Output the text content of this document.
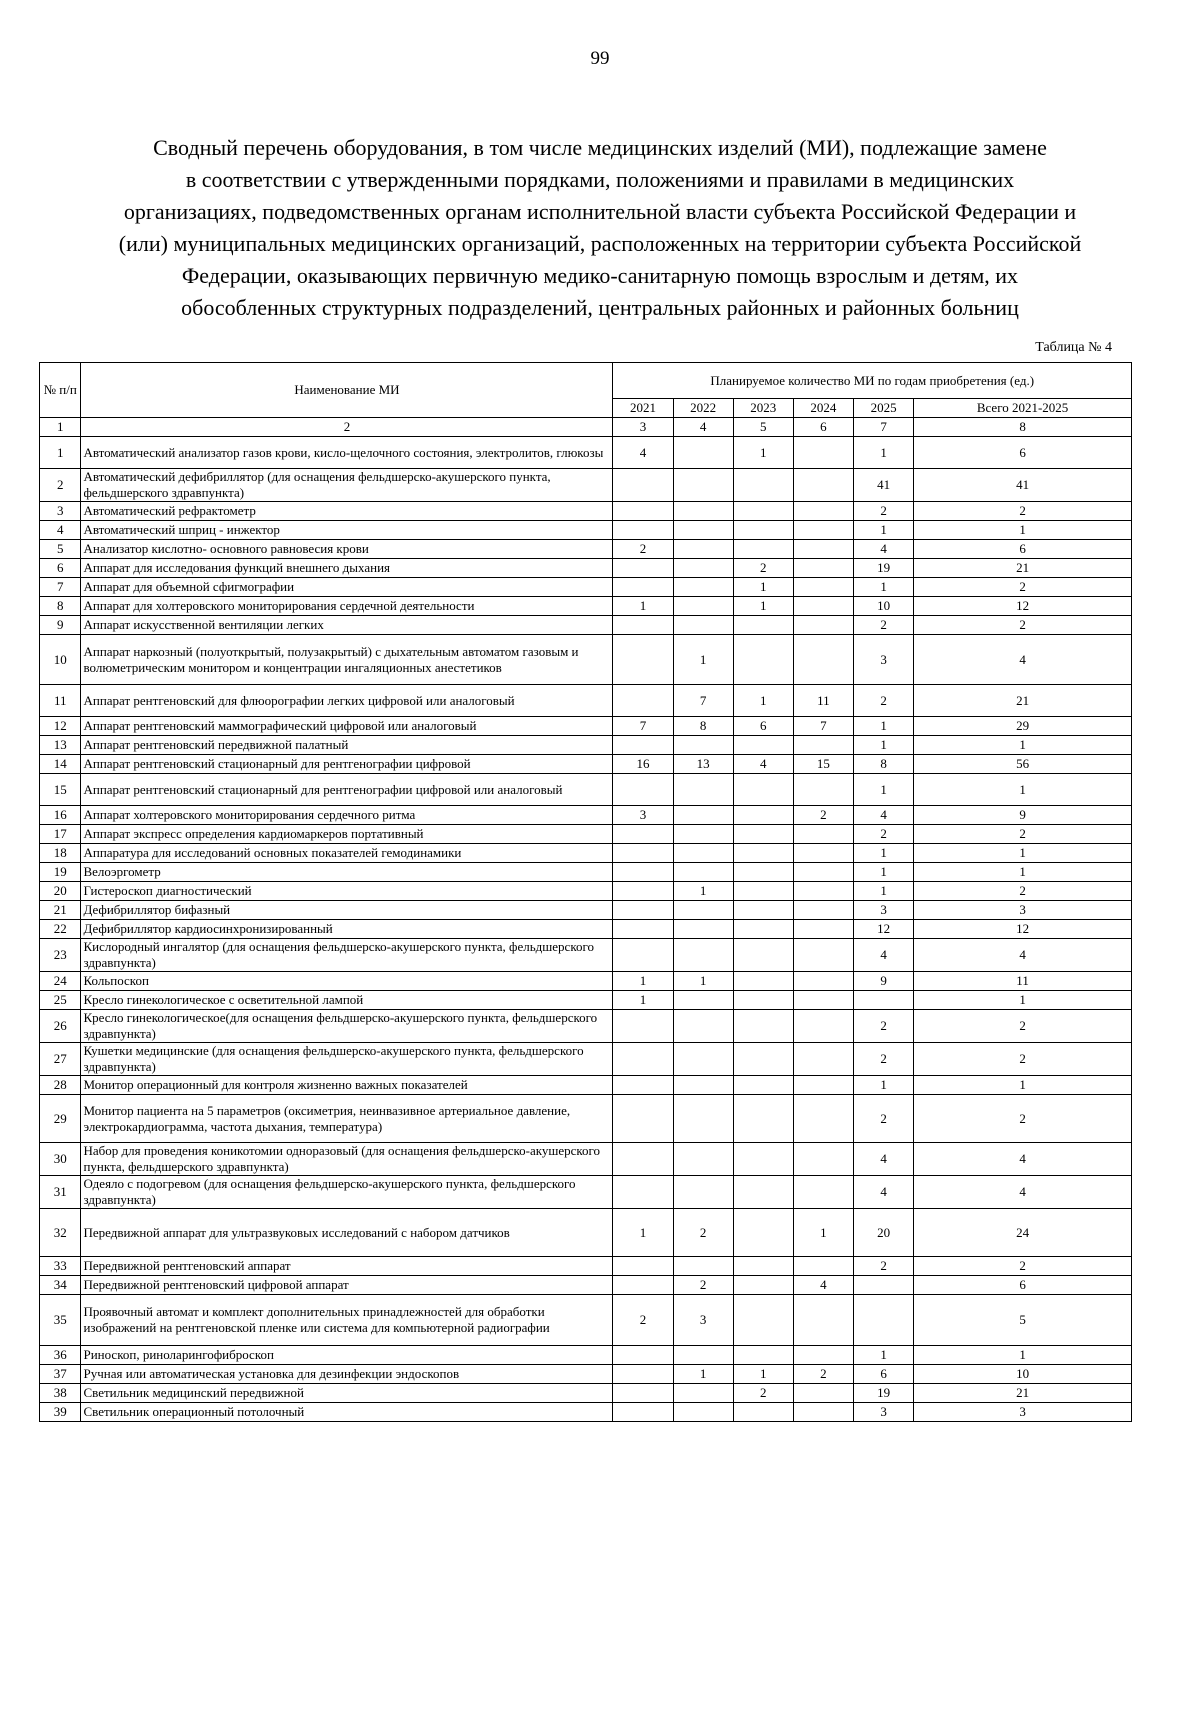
99
Сводный перечень оборудования, в том числе медицинских изделий (МИ), подлежащие замене
в соответствии с утвержденными порядками, положениями и правилами в медицинских
организациях, подведомственных органам исполнительной власти субъекта Российской Федерации и
(или) муниципальных медицинских организаций, расположенных на территории субъекта Российской
Федерации, оказывающих первичную медико-санитарную помощь взрослым и детям, их
обособленных структурных подразделений, центральных районных и районных больниц
Таблица № 4
№ п/п	Наименование МИ	Планируемое количество МИ по годам приобретения (ед.)					
		2021	2022	2023	2024	2025	Всего 2021-2025
1	2	3	4	5	6	7	8
1	Автоматический анализатор газов крови, кисло-щелочного состояния, электролитов, глюкозы	4		1		1	6
2	Автоматический дефибриллятор (для оснащения фельдшерско-акушерского пункта, фельдшерского здравпункта)					41	41
3	Автоматический рефрактометр					2	2
4	Автоматический шприц - инжектор					1	1
5	Анализатор кислотно- основного равновесия крови	2				4	6
6	Аппарат для исследования функций внешнего дыхания			2		19	21
7	Аппарат для объемной сфигмографии			1		1	2
8	Аппарат для холтеровского мониторирования сердечной деятельности	1		1		10	12
9	Аппарат искусственной вентиляции легких					2	2
10	Аппарат наркозный (полуоткрытый, полузакрытый) с дыхательным автоматом газовым и волюметрическим монитором и концентрации ингаляционных анестетиков		1			3	4
11	Аппарат рентгеновский для флюорографии легких цифровой или аналоговый		7	1	11	2	21
12	Аппарат рентгеновский маммографический цифровой или аналоговый	7	8	6	7	1	29
13	Аппарат рентгеновский передвижной палатный					1	1
14	Аппарат рентгеновский стационарный для рентгенографии цифровой	16	13	4	15	8	56
15	Аппарат рентгеновский стационарный для рентгенографии цифровой или аналоговый					1	1
16	Аппарат холтеровского мониторирования сердечного ритма	3			2	4	9
17	Аппарат экспресс определения кардиомаркеров портативный					2	2
18	Аппаратура для исследований основных показателей гемодинамики					1	1
19	Велоэргометр					1	1
20	Гистероскоп диагностический		1			1	2
21	Дефибриллятор бифазный					3	3
22	Дефибриллятор кардиосинхронизированный					12	12
23	Кислородный ингалятор (для оснащения фельдшерско-акушерского пункта, фельдшерского здравпункта)					4	4
24	Кольпоскоп	1	1			9	11
25	Кресло гинекологическое с осветительной лампой	1					1
26	Кресло гинекологическое(для оснащения фельдшерско-акушерского пункта, фельдшерского здравпункта)					2	2
27	Кушетки медицинские (для оснащения фельдшерско-акушерского пункта, фельдшерского здравпункта)					2	2
28	Монитор операционный для контроля жизненно важных показателей					1	1
29	Монитор пациента на 5 параметров (оксиметрия, неинвазивное артериальное давление, электрокардиограмма, частота дыхания, температура)					2	2
30	Набор для проведения коникотомии одноразовый (для оснащения фельдшерско-акушерского пункта, фельдшерского здравпункта)					4	4
31	Одеяло с подогревом (для оснащения фельдшерско-акушерского пункта, фельдшерского здравпункта)					4	4
32	Передвижной аппарат для ультразвуковых исследований с набором датчиков	1	2		1	20	24
33	Передвижной рентгеновский аппарат					2	2
34	Передвижной рентгеновский цифровой аппарат		2		4		6
35	Проявочный автомат и комплект дополнительных принадлежностей для обработки изображений на рентгеновской пленке или система для компьютерной радиографии	2	3				5
36	Риноскоп, риноларингофиброскоп					1	1
37	Ручная или автоматическая установка для дезинфекции эндоскопов		1	1	2	6	10
38	Светильник медицинский передвижной			2		19	21
39	Светильник операционный потолочный					3	3
